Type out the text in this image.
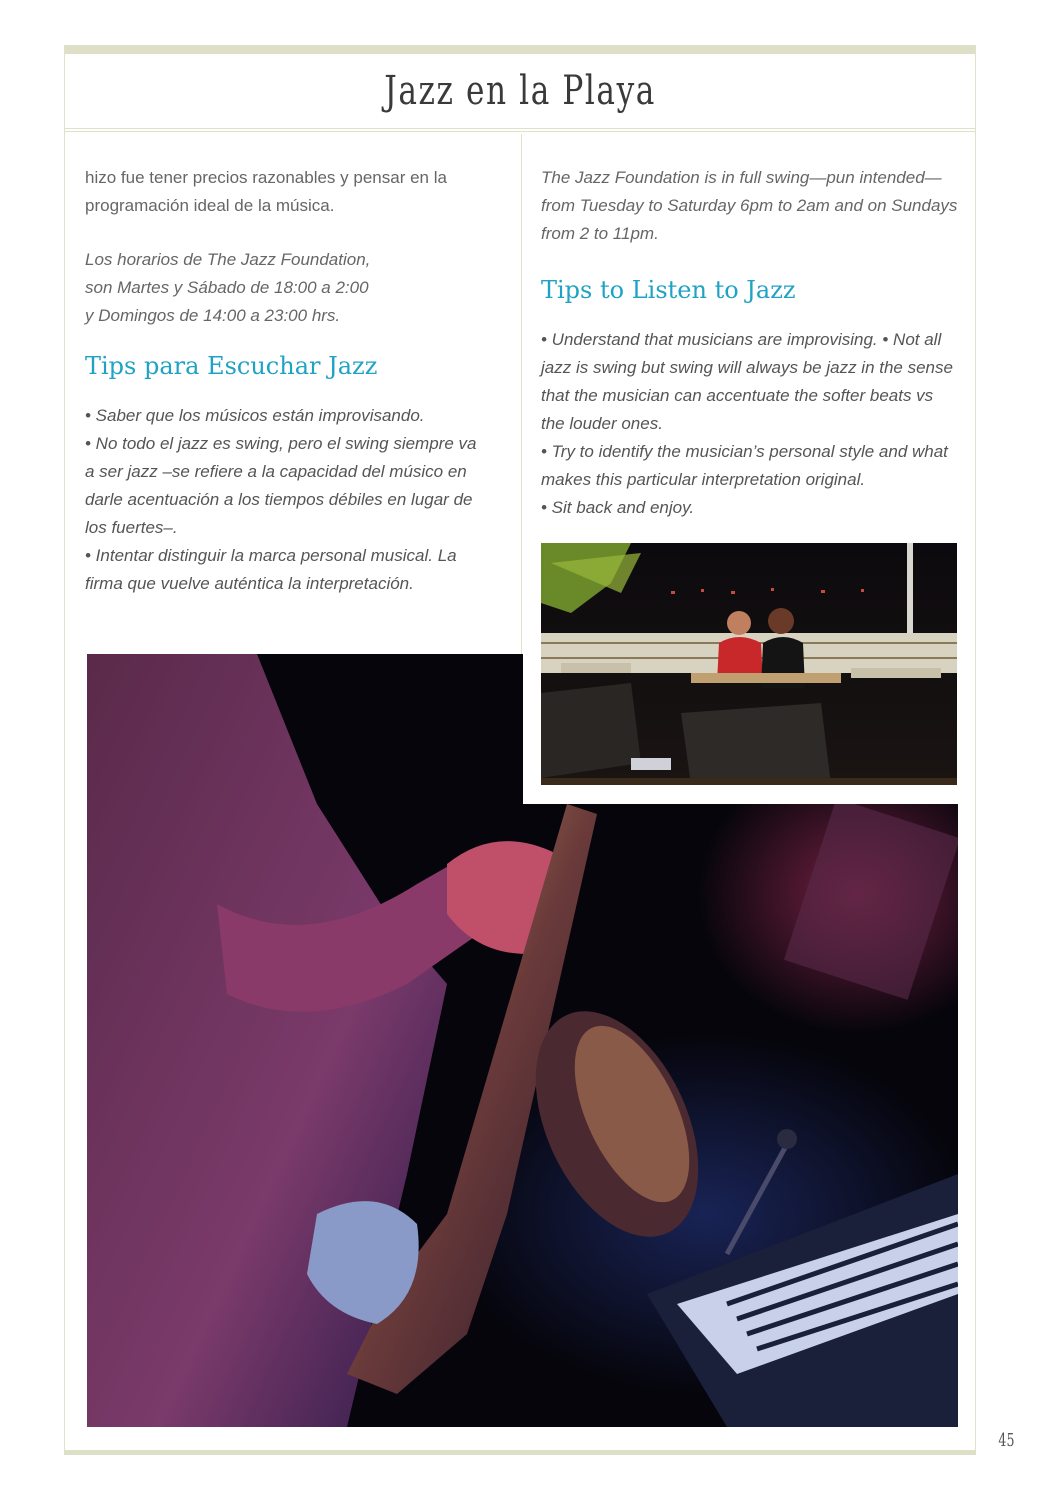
Jazz en la Playa

hizo fue tener precios razonables y pensar en la programación ideal de la música.

Los horarios de The Jazz Foundation,

son Martes y Sábado de 18:00 a 2:00

y Domingos de 14:00 a 23:00 hrs.

Tips para Escuchar Jazz

• Saber que los músicos están improvisando.

• No todo el jazz es swing, pero el swing siempre va a ser jazz –se refiere a la capacidad del músico en darle acentuación a los tiempos débiles en lugar de los fuertes–.

• Intentar distinguir la marca personal musical. La firma que vuelve auténtica la interpretación.

The Jazz Foundation is in full swing—pun intended— from Tuesday to Saturday 6pm to 2am and on Sundays from 2 to 11pm.

Tips to Listen to Jazz

• Understand that musicians are improvising. • Not all jazz is swing but swing will always be jazz in the sense that the musician can accentuate the softer beats vs the louder ones.

• Try to identify the musician’s personal style and what makes this particular interpretation original.

• Sit back and enjoy.

45
